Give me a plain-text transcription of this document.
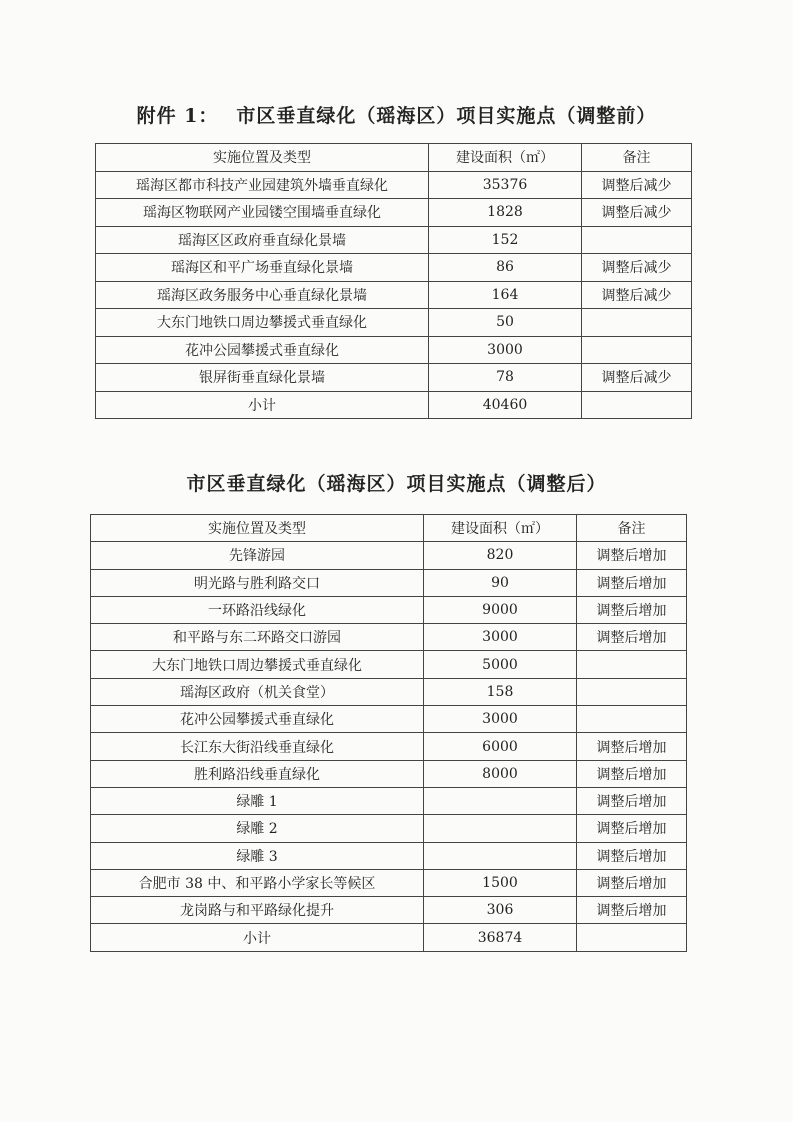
附件 1： 市区垂直绿化（瑶海区）项目实施点（调整前）
实施位置及类型	建设面积（㎡）	备注
瑶海区都市科技产业园建筑外墙垂直绿化	35376	调整后减少
瑶海区物联网产业园镂空围墙垂直绿化	1828	调整后减少
瑶海区区政府垂直绿化景墙	152	
瑶海区和平广场垂直绿化景墙	86	调整后减少
瑶海区政务服务中心垂直绿化景墙	164	调整后减少
大东门地铁口周边攀援式垂直绿化	50	
花冲公园攀援式垂直绿化	3000	
银屏街垂直绿化景墙	78	调整后减少
小计	40460	
市区垂直绿化（瑶海区）项目实施点（调整后）
实施位置及类型	建设面积（㎡）	备注
先锋游园	820	调整后增加
明光路与胜利路交口	90	调整后增加
一环路沿线绿化	9000	调整后增加
和平路与东二环路交口游园	3000	调整后增加
大东门地铁口周边攀援式垂直绿化	5000	
瑶海区政府（机关食堂）	158	
花冲公园攀援式垂直绿化	3000	
长江东大街沿线垂直绿化	6000	调整后增加
胜利路沿线垂直绿化	8000	调整后增加
绿雕 1		调整后增加
绿雕 2		调整后增加
绿雕 3		调整后增加
合肥市 38 中、和平路小学家长等候区	1500	调整后增加
龙岗路与和平路绿化提升	306	调整后增加
小计	36874	
